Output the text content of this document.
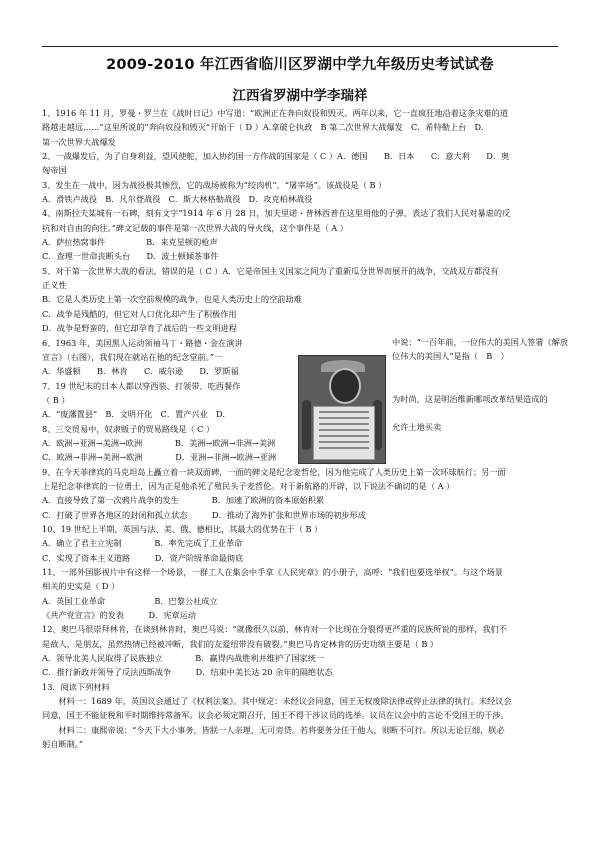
2009-2010 年江西省临川区罗湖中学九年级历史考试试卷
江西省罗湖中学李瑞祥

1、1916 年 11 月，罗曼・罗兰在《战时日记》中写道：“欧洲正在奔向奴役和毁灭。两年以来，它一直疯狂地沿着这条灾难的道

路越走越远……”这里所说的“奔向奴役和毁灭”开始于（ D ）A.拿破仑执政　B 第二次世界大战爆发　C．希特勒上台　D．

第一次世界大战爆发

2、一战爆发后，为了自身利益，望风使舵，加入协约国一方作战的国家是（ C ）A．德国　　B．日本　　C．意大利　　D．奥

匈帝国

3、发生在一战中，因为战役极其惨烈，它的战场被称为“绞肉机”、“屠宰场”。该战役是（ B ）

A．滑铁卢战役　B．凡尔登战役　C．斯大林格勒战役　D．攻克柏林战役

4、南斯拉夫某城有一石碑，刻有文字“1914 年 6 月 28 日，加夫里诺・普林西普在这里用他的子弹，表达了我们人民对暴虐的反

抗和对自由的向往。”碑文记载的事件是第一次世界大战的导火线，这个事件是（ A ）

A．萨拉热窝事件　　　　　B．来克星顿的枪声

C．查理一世命丧断头台　　D．波士顿倾茶事件

5、对于第一次世界大战的看法，错误的是（ C ）A．它是帝国主义国家之间为了重新瓜分世界而展开的战争，交战双方都没有

正义性

B．它是人类历史上第一次空前规模的战争，也是人类历史上的空前劫难

C．战争是残酷的，但它对人口优化却产生了积极作用

D．战争是野蛮的，但它却孕育了战后的一些文明进程

6、1963 年，美国黑人运动领袖马丁・路德・金在演讲

宣言》（右图），我们现在就站在他的纪念堂前。”一

A．华盛顿　　B．林肯　　C．威尔逊　　D．罗斯福

7、19 世纪末的日本人都以穿西装、打领带、吃西餐作

（ B ）

A．“废藩置县”　B．文明开化　C．置产兴业　D．

8、三交贸易中，奴隶贩子的贸易路线是（ C ）

A．欧洲→亚洲→美洲→欧洲　　　　B．美洲→欧洲→非洲→美洲

C．欧洲→非洲→美洲→欧洲　　　　D．亚洲→非洲→欧洲→亚洲

9、在今天菲律宾的马克坦岛上矗立着一块双面碑，一面的碑文是纪念麦哲伦，因为他完成了人类历史上第一次环球航行；另一面

上是纪念菲律宾的一位勇士，因为正是他杀死了殖民头子麦哲伦。对于新航路的开辟，以下说法不确切的是（ A ）

A．直接导致了第一次鸦片战争的发生　　　　B．加速了欧洲的资本原始积累

C．打破了世界各地区的封闭和孤立状态　　　D．推动了海外扩张和世界市场的初步形成

10、19 世纪上半期，英国与法、美、俄、德相比，其最大的优势在于（ B ）

A．确立了君主立宪制　　　　B．率先完成了工业革命

C．实现了资本主义道路　　　D．资产阶级革命最彻底

11、一部外国影视片中有这样一个场景，一群工人在集会中手拿《人民宪章》的小册子，高呼：“我们也要选举权”。与这个场景

相关的史实是（ D ）

A．英国工业革命　　　　　　B．巴黎公社成立

《共产党宣言》的发表　　　D．宪章运动

12、奥巴马很崇拜林肯，在谈到林肯时，奥巴马说：“就像很久以前，林肯对一个比现在分裂得更严重的民族所说的那样，我们不

是敌人，是朋友，虽然热情已经被冲断，我们的友爱纽带没有破裂。”奥巴马肯定林肯的历史功绩主要是（ B ）

A．领导北美人民取得了民族独立　　　　B．赢得内战胜利并维护了国家统一

C．推行新政并领导了反法西斯战争　　　D．结束中美长达 20 余年的隔绝状态

13．阅读下列材料

　　材料一：1689 年，英国议会通过了《权利法案》。其中规定：未经议会同意，国王无权废除法律或停止法律的执行。未经议会

同意，国王不能征税和平时期维持常备军。议会必须定期召开，国王不得干涉议员的选举。议员在议会中的言论不受国王的干涉。

　　材料二：康熙帝说：“今天下大小事务，皆朕一人亲理，无可旁贷。若将要务分任于他人，则断不可行。所以无论巨细，朕必

躬自断制。”

中说：“一百年前，一位伟大的美国人签署《解放
位伟大的美国人”是指（　B　）
为时尚，这是明治维新哪项改革结果造成的
允许土地买卖
